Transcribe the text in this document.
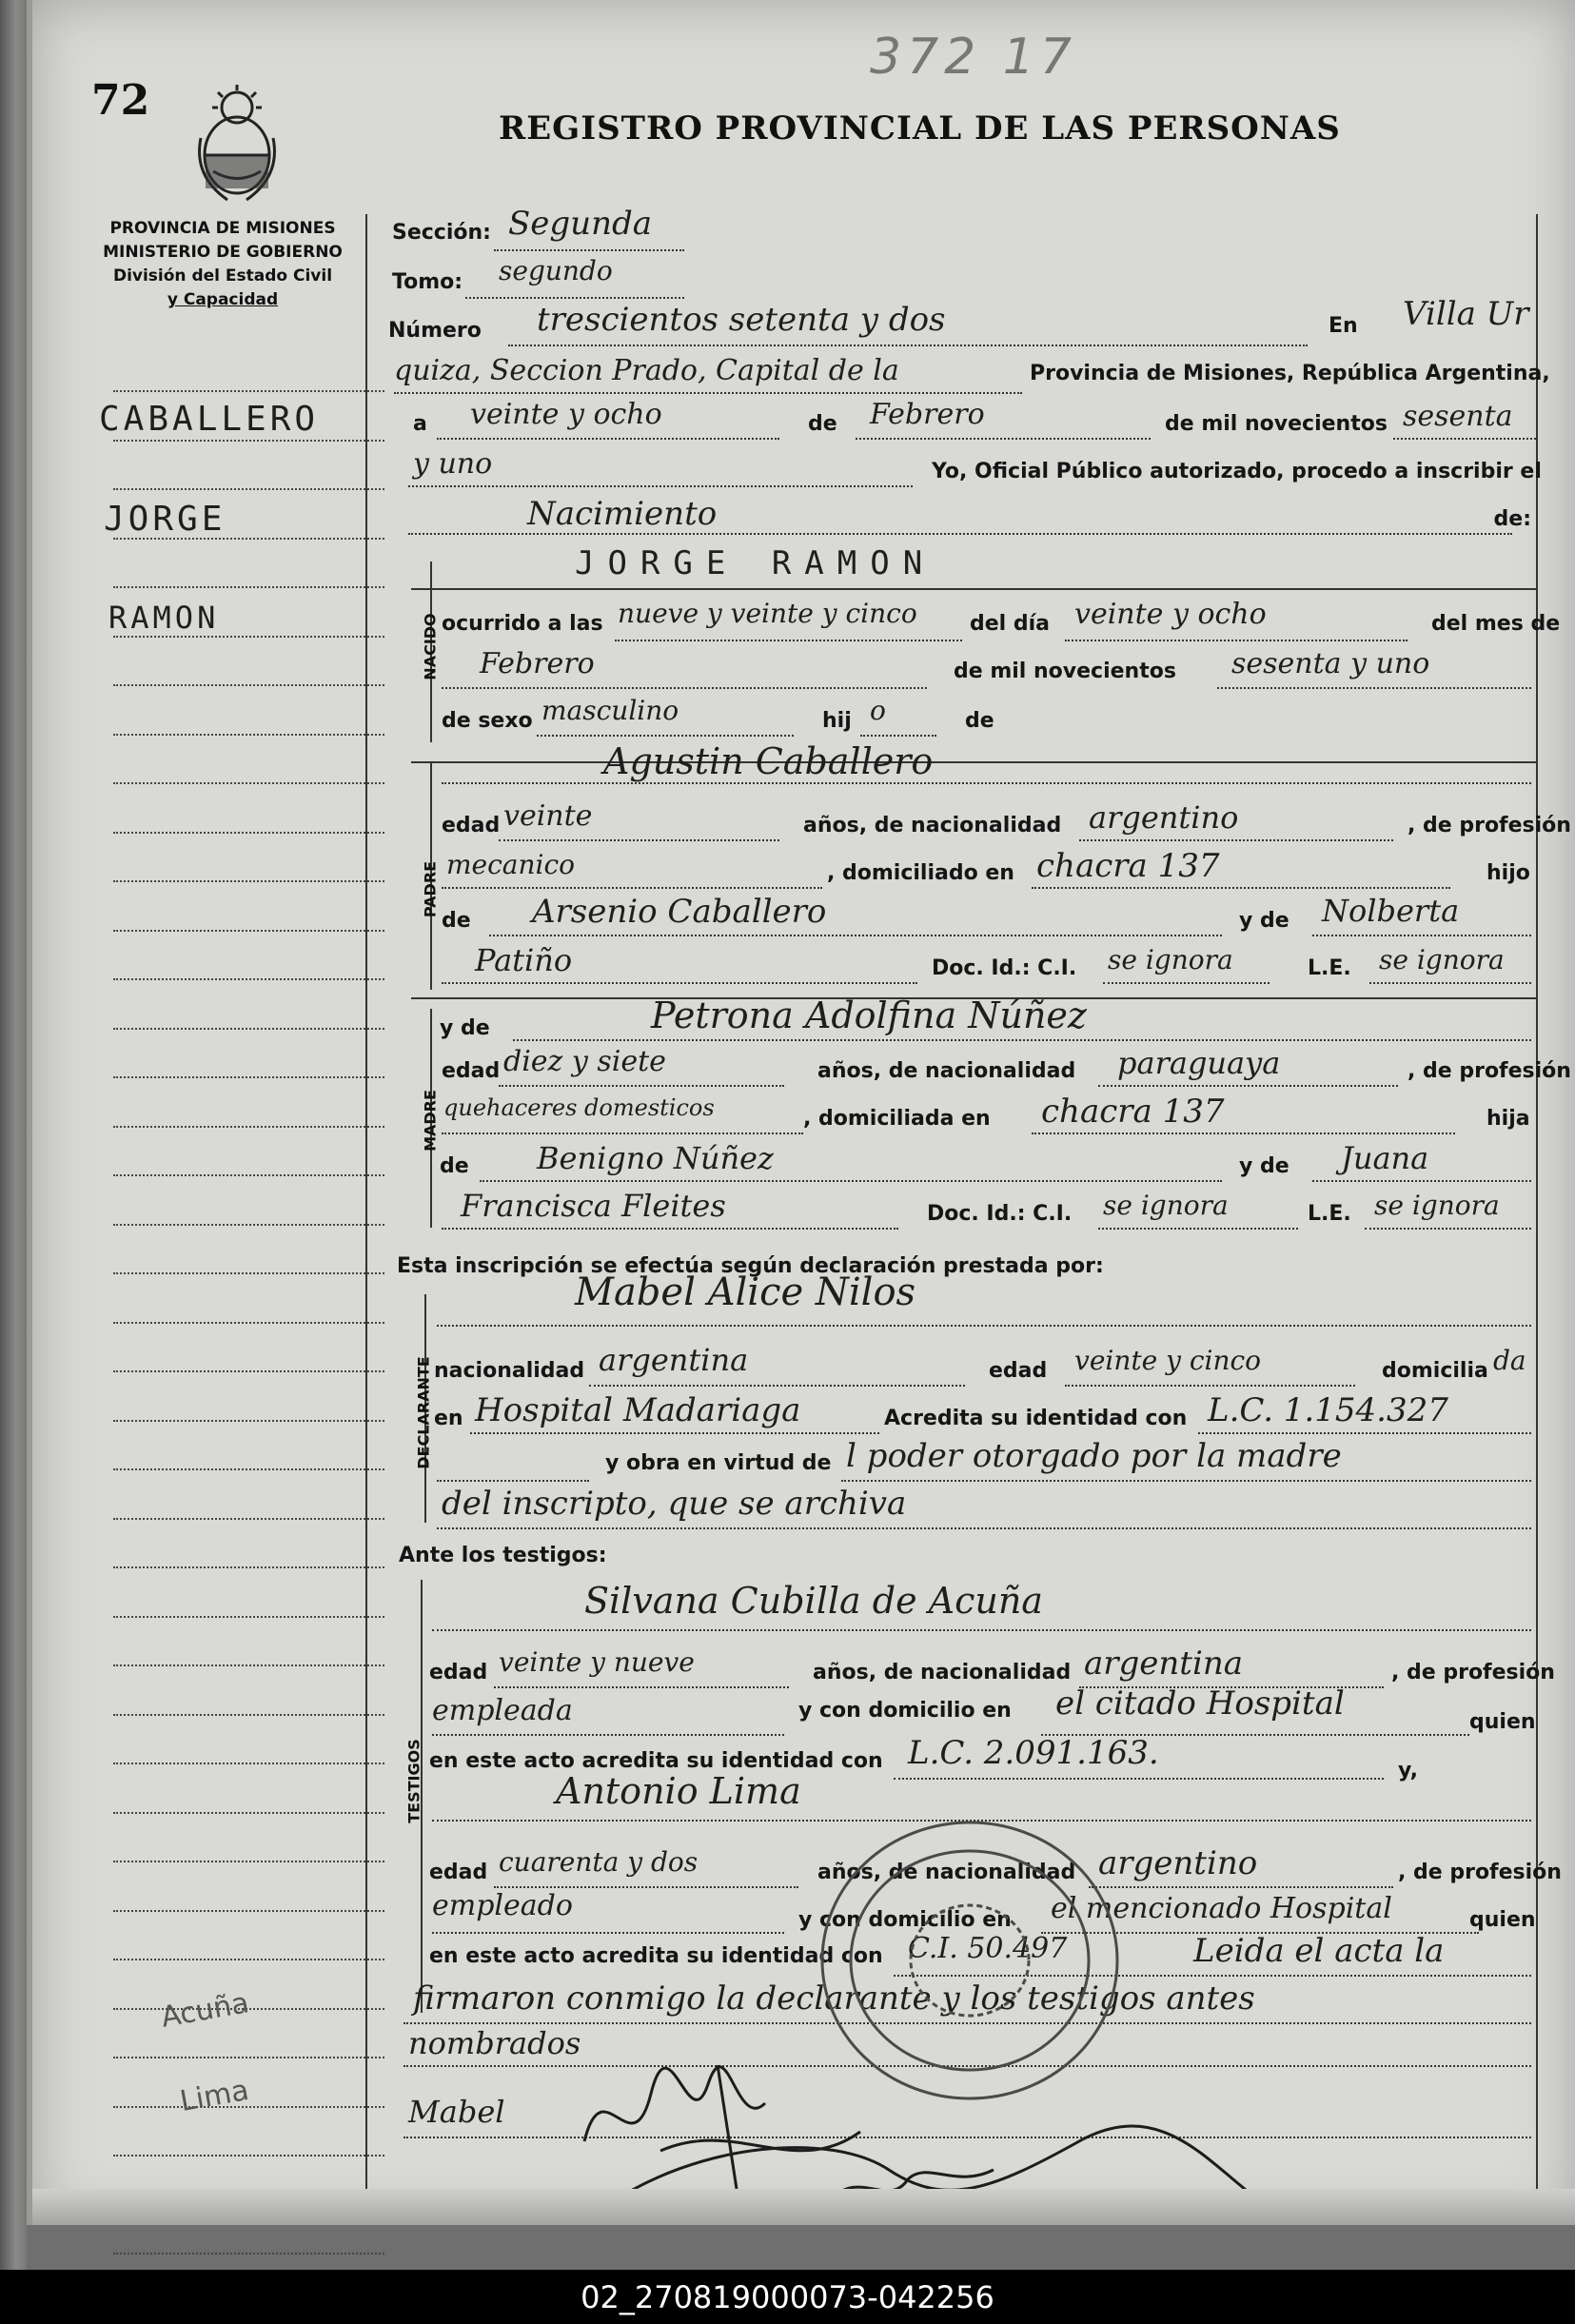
72
372 17
REGISTRO PROVINCIAL DE LAS PERSONAS
PROVINCIA DE MISIONES
MINISTERIO DE GOBIERNO
División del Estado Civil
y Capacidad
CABALLERO
JORGE
RAMON
Acuña
Lima
Sección: Segunda
Tomo: segundo
Número trescientos setenta y dos	En Villa Ur
quiza, Seccion Prado, Capital de la	Provincia de Misiones, República Argentina,
a veinte y ocho	de Febrero	de mil novecientos sesenta
y uno	Yo, Oficial Público autorizado, procedo a inscribir el
Nacimiento	de:
NACIDO
JORGE RAMON
ocurrido a las nueve y veinte y cinco	del día veinte y ocho	del mes de
Febrero	de mil novecientos sesenta y uno
de sexo masculino	hij o	de
PADRE
Agustin Caballero
edad veinte	años, de nacionalidad argentino	, de profesión
mecanico	, domiciliado en chacra 137	hijo
de Arsenio Caballero	y de Nolberta
Patiño	Doc. Id.: C.I. se ignora	L.E. se ignora
MADRE
y de	Petrona Adolfina Núñez
edad diez y siete	años, de nacionalidad paraguaya	, de profesión
quehaceres domesticos	, domiciliada en chacra 137	hija
de Benigno Núñez	y de Juana
Francisca Fleites	Doc. Id.: C.I. se ignora	L.E. se ignora
Esta inscripción se efectúa según declaración prestada por:
DECLARANTE
Mabel Alice Nilos
nacionalidad argentina	edad veinte y cinco	domicilia da
en Hospital Madariaga	Acredita su identidad con L.C. 1.154.327
y obra en virtud de l poder otorgado por la madre
del inscripto, que se archiva
Ante los testigos:
TESTIGOS
Silvana Cubilla de Acuña
edad veinte y nueve	años, de nacionalidad argentina	, de profesión
empleada	y con domicilio en el citado Hospital	quien
en este acto acredita su identidad con L.C. 2.091.163.	y,
Antonio Lima
edad cuarenta y dos	años, de nacionalidad argentino	, de profesión
empleado	y con domicilio en el mencionado Hospital	quien
en este acto acredita su identidad con C.I. 50.497	Leida el acta la
firmaron conmigo la declarante y los testigos antes
nombrados
Mabel
02_270819000073-042256
